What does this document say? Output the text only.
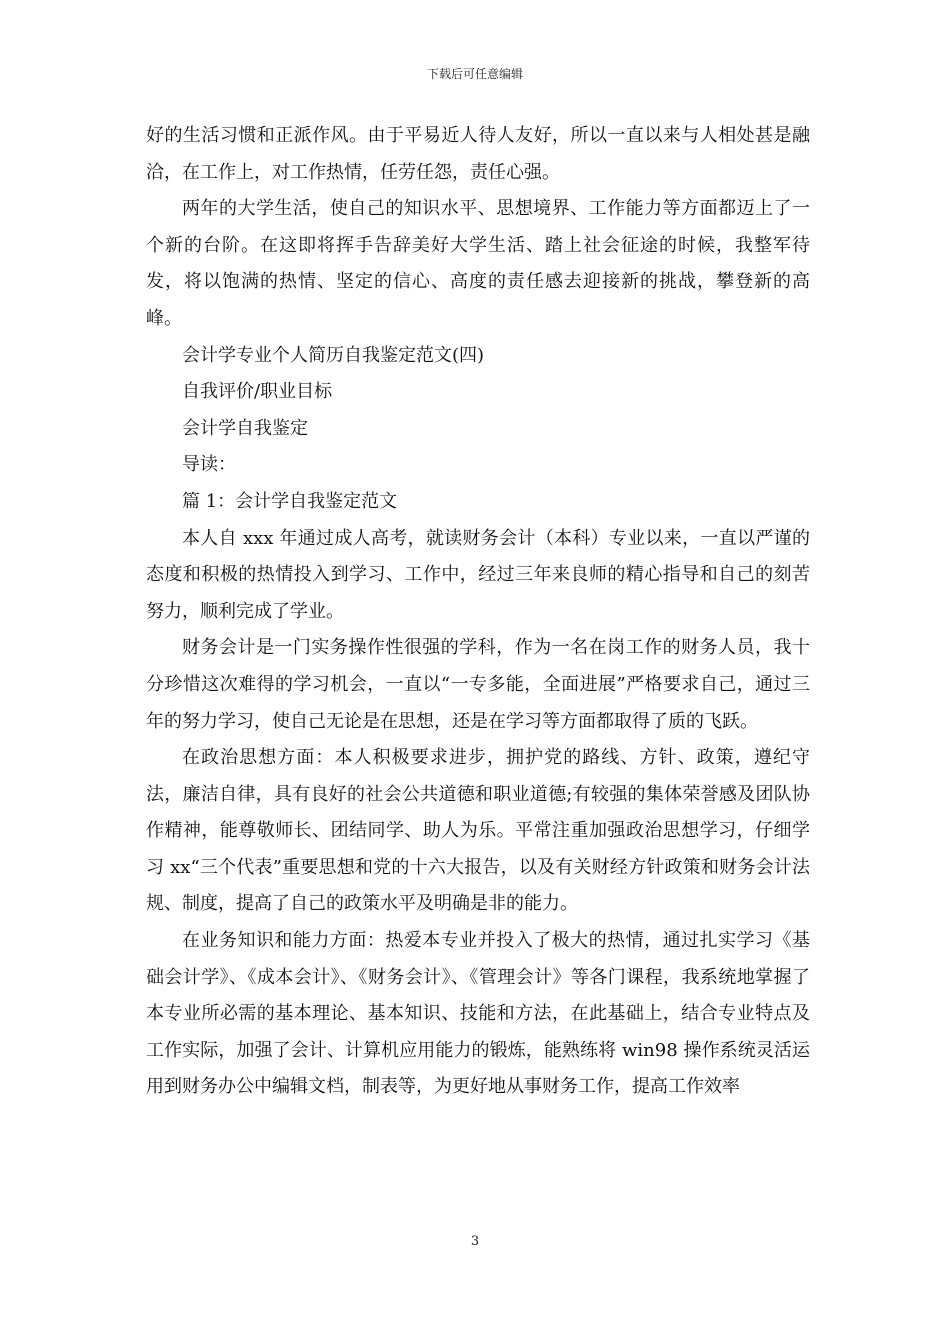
下载后可任意编辑

好的生活习惯和正派作风。由于平易近人待人友好，所以一直以来与人相处甚是融洽，在工作上，对工作热情，任劳任怨，责任心强。

两年的大学生活，使自己的知识水平、思想境界、工作能力等方面都迈上了一个新的台阶。在这即将挥手告辞美好大学生活、踏上社会征途的时候，我整军待发，将以饱满的热情、坚定的信心、高度的责任感去迎接新的挑战，攀登新的高峰。

会计学专业个人简历自我鉴定范文(四)

自我评价/职业目标

会计学自我鉴定

导读：

篇 1：会计学自我鉴定范文

本人自 xxx 年通过成人高考，就读财务会计（本科）专业以来，一直以严谨的态度和积极的热情投入到学习、工作中，经过三年来良师的精心指导和自己的刻苦努力，顺利完成了学业。

财务会计是一门实务操作性很强的学科，作为一名在岗工作的财务人员，我十分珍惜这次难得的学习机会，一直以“一专多能，全面进展”严格要求自己，通过三年的努力学习，使自己无论是在思想，还是在学习等方面都取得了质的飞跃。

在政治思想方面：本人积极要求进步，拥护党的路线、方针、政策，遵纪守法，廉洁自律，具有良好的社会公共道德和职业道德;有较强的集体荣誉感及团队协作精神，能尊敬师长、团结同学、助人为乐。平常注重加强政治思想学习，仔细学习 xx“三个代表”重要思想和党的十六大报告，以及有关财经方针政策和财务会计法规、制度，提高了自己的政策水平及明确是非的能力。

在业务知识和能力方面：热爱本专业并投入了极大的热情，通过扎实学习《基础会计学》、《成本会计》、《财务会计》、《管理会计》等各门课程，我系统地掌握了本专业所必需的基本理论、基本知识、技能和方法，在此基础上，结合专业特点及工作实际，加强了会计、计算机应用能力的锻炼，能熟练将 win98 操作系统灵活运用到财务办公中编辑文档，制表等，为更好地从事财务工作，提高工作效率

3
